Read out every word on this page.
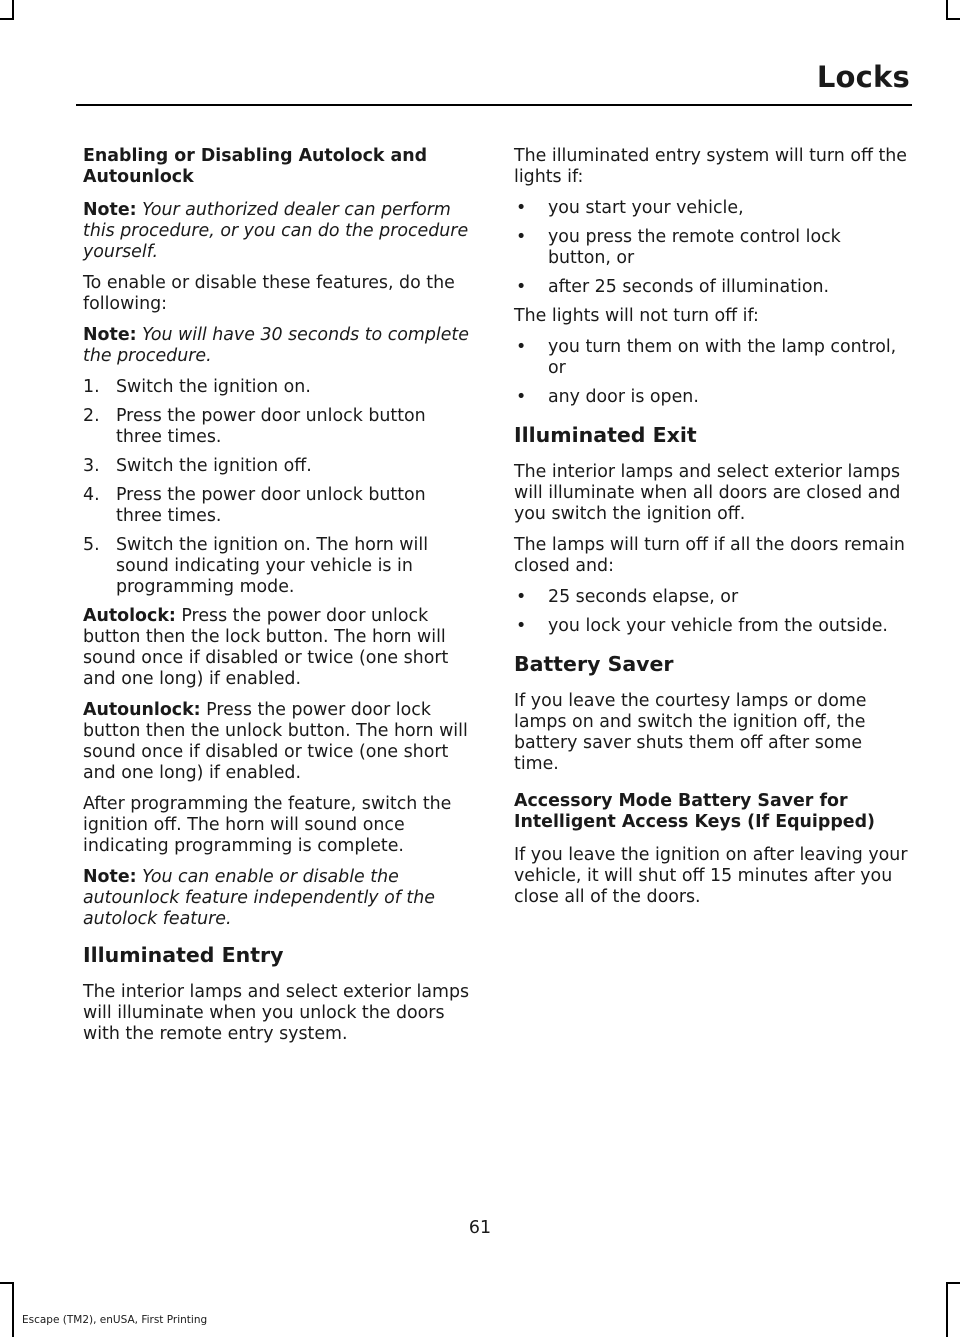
Locks
Enabling or Disabling Autolock and Autounlock

Note: Your authorized dealer can perform this procedure, or you can do the procedure yourself.

To enable or disable these features, do the following:

Note: You will have 30 seconds to complete the procedure.

1. Switch the ignition on.
2. Press the power door unlock button three times.
3. Switch the ignition off.
4. Press the power door unlock button three times.
5. Switch the ignition on. The horn will sound indicating your vehicle is in programming mode.

Autolock: Press the power door unlock button then the lock button. The horn will sound once if disabled or twice (one short and one long) if enabled.

Autounlock: Press the power door lock button then the unlock button. The horn will sound once if disabled or twice (one short and one long) if enabled.

After programming the feature, switch the ignition off. The horn will sound once indicating programming is complete.

Note: You can enable or disable the autounlock feature independently of the autolock feature.

Illuminated Entry

The interior lamps and select exterior lamps will illuminate when you unlock the doors with the remote entry system.

The illuminated entry system will turn off the lights if:

• you start your vehicle,
• you press the remote control lock button, or
• after 25 seconds of illumination.

The lights will not turn off if:

• you turn them on with the lamp control, or
• any door is open.
Illuminated Exit

The interior lamps and select exterior lamps will illuminate when all doors are closed and you switch the ignition off.

The lamps will turn off if all the doors remain closed and:

• 25 seconds elapse, or
• you lock your vehicle from the outside.
Battery Saver

If you leave the courtesy lamps or dome lamps on and switch the ignition off, the battery saver shuts them off after some time.

Accessory Mode Battery Saver for Intelligent Access Keys (If Equipped)

If you leave the ignition on after leaving your vehicle, it will shut off 15 minutes after you close all of the doors.

61
Escape (TM2), enUSA, First Printing
